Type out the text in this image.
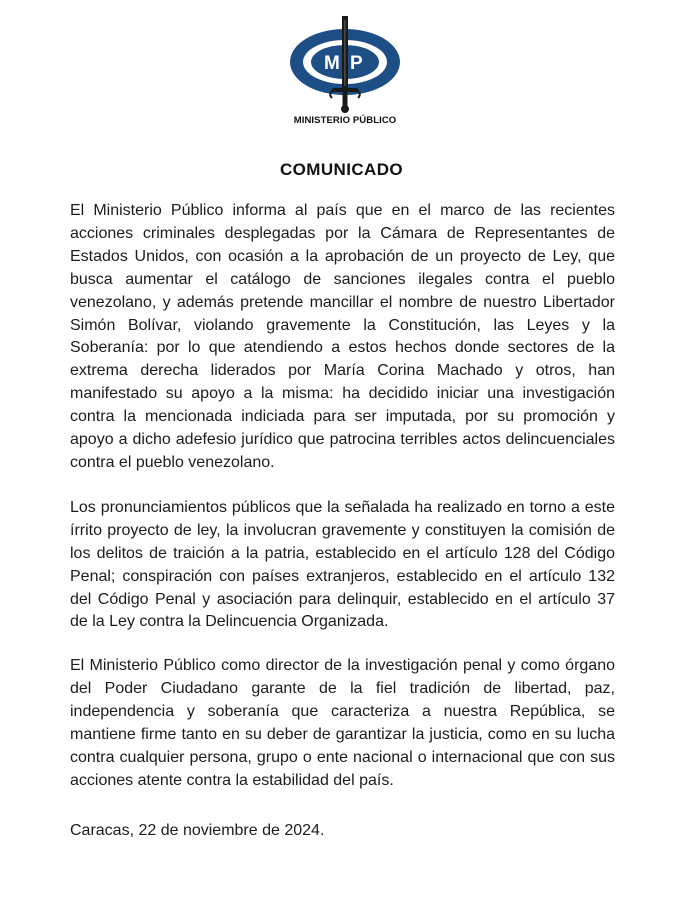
M P
MINISTERIO PÚBLICO
COMUNICADO

El Ministerio Público informa al país que en el marco de las recientes acciones criminales desplegadas por la Cámara de Representantes de Estados Unidos, con ocasión a la aprobación de un proyecto de Ley, que busca aumentar el catálogo de sanciones ilegales contra el pueblo venezolano, y además pretende mancillar el nombre de nuestro Libertador Simón Bolívar, violando gravemente la Constitución, las Leyes y la Soberanía: por lo que atendiendo a estos hechos donde sectores de la extrema derecha liderados por María Corina Machado y otros, han manifestado su apoyo a la misma: ha decidido iniciar una investigación contra la mencionada indiciada para ser imputada, por su promoción y apoyo a dicho adefesio jurídico que patrocina terribles actos delincuenciales contra el pueblo venezolano.

Los pronunciamientos públicos que la señalada ha realizado en torno a este írrito proyecto de ley, la involucran gravemente y constituyen la comisión de los delitos de traición a la patria, establecido en el artículo 128 del Código Penal; conspiración con países extranjeros, establecido en el artículo 132 del Código Penal y asociación para delinquir, establecido en el artículo 37 de la Ley contra la Delincuencia Organizada.

El Ministerio Público como director de la investigación penal y como órgano del Poder Ciudadano garante de la fiel tradición de libertad, paz, independencia y soberanía que caracteriza a nuestra República, se mantiene firme tanto en su deber de garantizar la justicia, como en su lucha contra cualquier persona, grupo o ente nacional o internacional que con sus acciones atente contra la estabilidad del país.

Caracas, 22 de noviembre de 2024.
